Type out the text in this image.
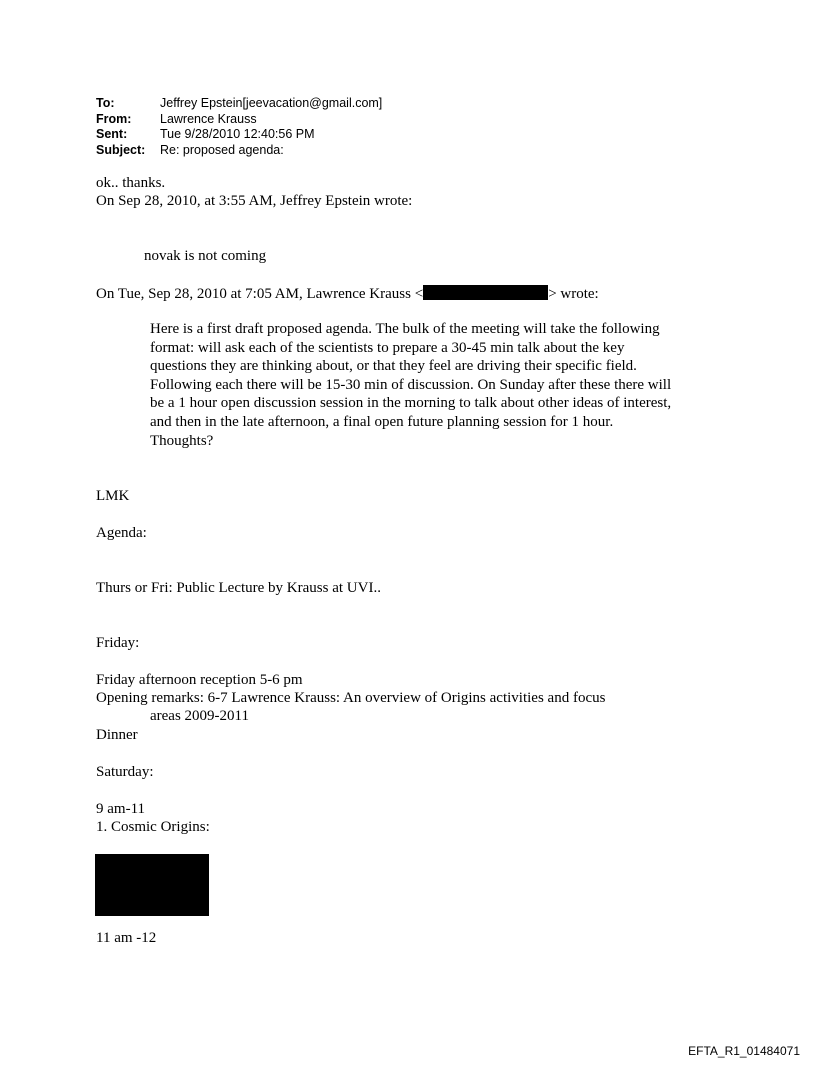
To:	Jeffrey Epstein[jeevacation@gmail.com]
From:	Lawrence Krauss
Sent:	Tue 9/28/2010 12:40:56 PM
Subject:	Re: proposed agenda:
ok.. thanks.
On Sep 28, 2010, at 3:55 AM, Jeffrey Epstein wrote:
novak is not coming
On Tue, Sep 28, 2010 at 7:05 AM, Lawrence Krauss <	> wrote:

Here is a first draft proposed agenda. The bulk of the meeting will take the following format: will ask each of the scientists to prepare a 30-45 min talk about the key questions they are thinking about, or that they feel are driving their specific field. Following each there will be 15-30 min of discussion. On Sunday after these there will be a 1 hour open discussion session in the morning to talk about other ideas of interest, and then in the late afternoon, a final open future planning session for 1 hour.

Thoughts?

LMK
Agenda:
Thurs or Fri: Public Lecture by Krauss at UVI..
Friday:
Friday afternoon reception 5-6 pm
Opening remarks: 6-7 Lawrence Krauss: An overview of Origins activities and focus
areas 2009-2011
Dinner
Saturday:
9 am-11
1. Cosmic Origins:
11 am -12
EFTA_R1_01484071
